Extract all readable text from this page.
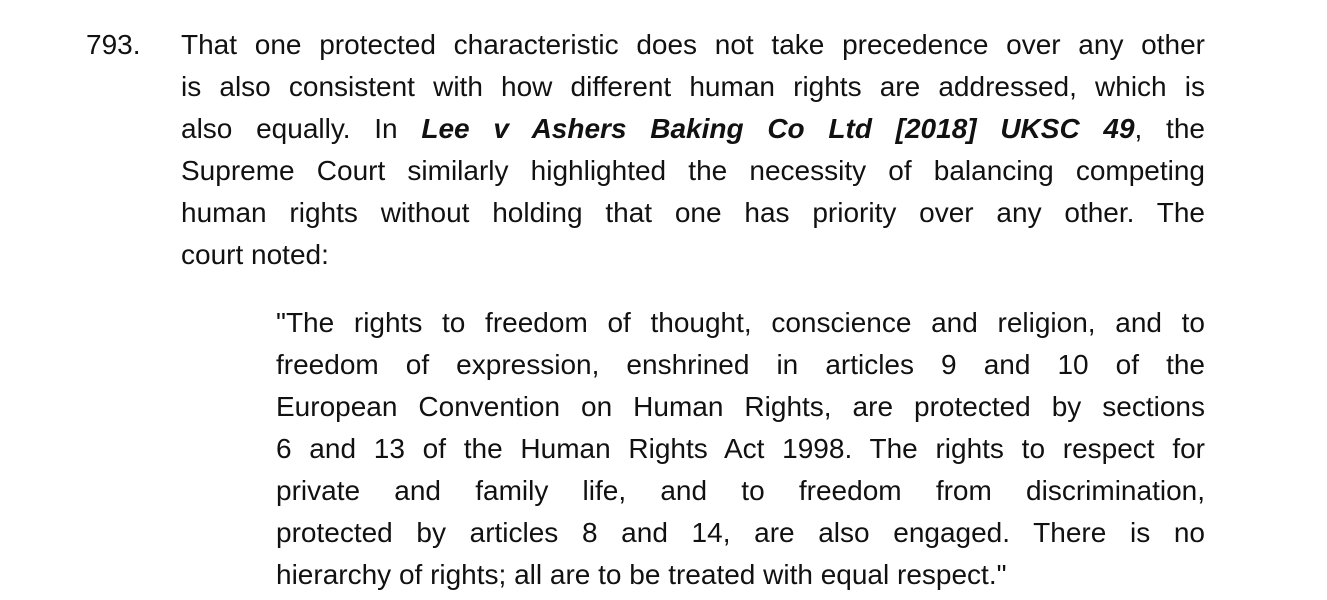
793. That one protected characteristic does not take precedence over any other
is also consistent with how different human rights are addressed, which is
also equally. In Lee v Ashers Baking Co Ltd [2018] UKSC 49, the
Supreme Court similarly highlighted the necessity of balancing competing
human rights without holding that one has priority over any other. The
court noted:
"The rights to freedom of thought, conscience and religion, and to
freedom of expression, enshrined in articles 9 and 10 of the
European Convention on Human Rights, are protected by sections
6 and 13 of the Human Rights Act 1998. The rights to respect for
private and family life, and to freedom from discrimination,
protected by articles 8 and 14, are also engaged. There is no
hierarchy of rights; all are to be treated with equal respect."
